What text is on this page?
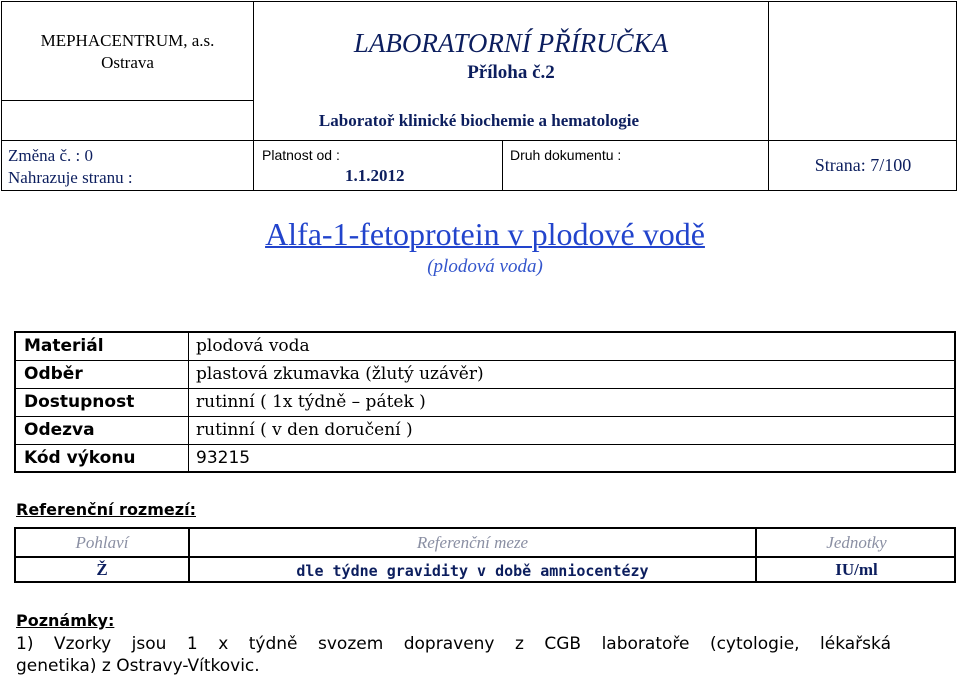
MEPHACENTRUM, a.s.
Ostrava
LABORATORNÍ PŘÍRUČKA
Příloha č.2
Laboratoř klinické biochemie a hematologie
Změna č. : 0
Nahrazuje stranu :
Platnost od :
1.1.2012
Druh dokumentu :	Strana: 7/100
Alfa-1-fetoprotein v plodové vodě
(plodová voda)
Materiál	plodová voda
Odběr	plastová zkumavka (žlutý uzávěr)
Dostupnost	rutinní ( 1x týdně – pátek )
Odezva	rutinní ( v den doručení )
Kód výkonu	93215
Referenční rozmezí:
Pohlaví	Referenční meze	Jednotky
Ž	dle týdne gravidity v době amniocentézy	IU/ml
Poznámky:
1) Vzorky jsou 1 x týdně svozem dopraveny z CGB laboratoře (cytologie, lékařská
genetika) z Ostravy-Vítkovic.
